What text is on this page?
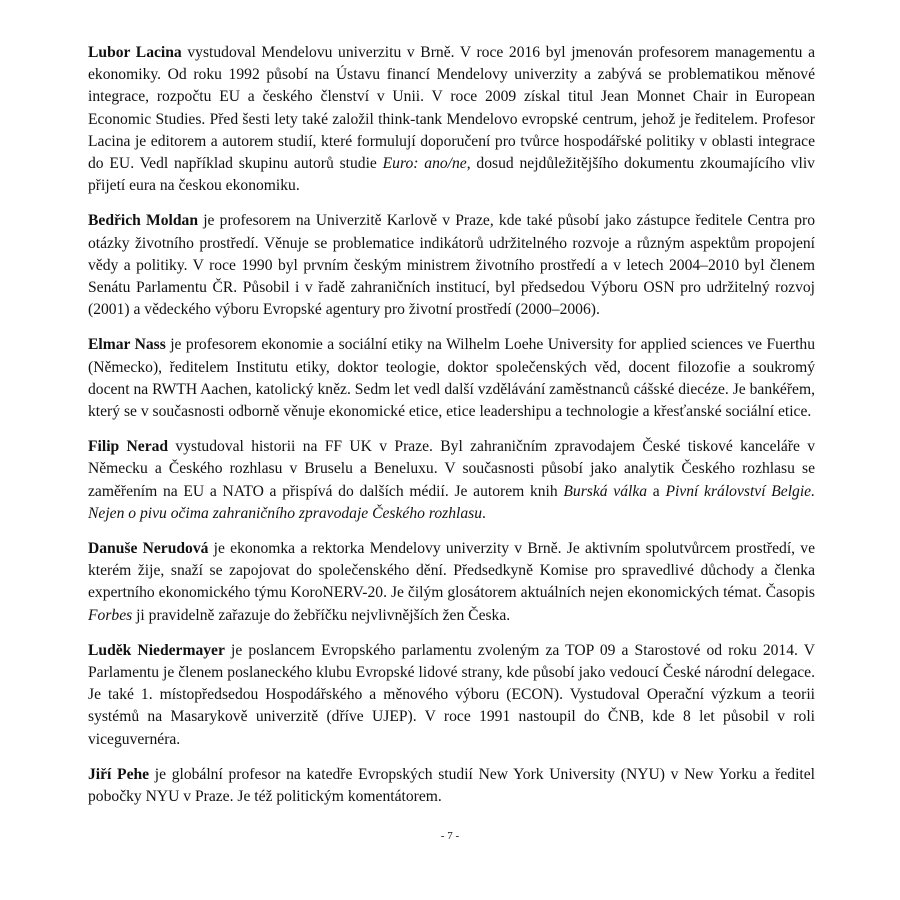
Lubor Lacina vystudoval Mendelovu univerzitu v Brně. V roce 2016 byl jmenován profesorem managementu a ekonomiky. Od roku 1992 působí na Ústavu financí Mendelovy univerzity a zabývá se problematikou měnové integrace, rozpočtu EU a českého členství v Unii. V roce 2009 získal titul Jean Monnet Chair in European Economic Studies. Před šesti lety také založil think-tank Mendelovo evropské centrum, jehož je ředitelem. Profesor Lacina je editorem a autorem studií, které formulují doporučení pro tvůrce hospodářské politiky v oblasti integrace do EU. Vedl například skupinu autorů studie Euro: ano/ne, dosud nejdůležitějšího dokumentu zkoumajícího vliv přijetí eura na českou ekonomiku.

Bedřich Moldan je profesorem na Univerzitě Karlově v Praze, kde také působí jako zástupce ředitele Centra pro otázky životního prostředí. Věnuje se problematice indikátorů udržitelného rozvoje a různým aspektům propojení vědy a politiky. V roce 1990 byl prvním českým ministrem životního prostředí a v letech 2004–2010 byl členem Senátu Parlamentu ČR. Působil i v řadě zahraničních institucí, byl předsedou Výboru OSN pro udržitelný rozvoj (2001) a vědeckého výboru Evropské agentury pro životní prostředí (2000–2006).

Elmar Nass je profesorem ekonomie a sociální etiky na Wilhelm Loehe University for applied sciences ve Fuerthu (Německo), ředitelem Institutu etiky, doktor teologie, doktor společenských věd, docent filozofie a soukromý docent na RWTH Aachen, katolický kněz. Sedm let vedl další vzdělávání zaměstnanců cášské diecéze. Je bankéřem, který se v současnosti odborně věnuje ekonomické etice, etice leadershipu a technologie a křesťanské sociální etice.

Filip Nerad vystudoval historii na FF UK v Praze. Byl zahraničním zpravodajem České tiskové kanceláře v Německu a Českého rozhlasu v Bruselu a Beneluxu. V současnosti působí jako analytik Českého rozhlasu se zaměřením na EU a NATO a přispívá do dalších médií. Je autorem knih Burská válka a Pivní království Belgie. Nejen o pivu očima zahraničního zpravodaje Českého rozhlasu.

Danuše Nerudová je ekonomka a rektorka Mendelovy univerzity v Brně. Je aktivním spolutvůrcem prostředí, ve kterém žije, snaží se zapojovat do společenského dění. Předsedkyně Komise pro spravedlivé důchody a členka expertního ekonomického týmu KoroNERV-20. Je čilým glosátorem aktuálních nejen ekonomických témat. Časopis Forbes ji pravidelně zařazuje do žebříčku nejvlivnějších žen Česka.

Luděk Niedermayer je poslancem Evropského parlamentu zvoleným za TOP 09 a Starostové od roku 2014. V Parlamentu je členem poslaneckého klubu Evropské lidové strany, kde působí jako vedoucí České národní delegace. Je také 1. místopředsedou Hospodářského a měnového výboru (ECON). Vystudoval Operační výzkum a teorii systémů na Masarykově univerzitě (dříve UJEP). V roce 1991 nastoupil do ČNB, kde 8 let působil v roli viceguvernéra.

Jiří Pehe je globální profesor na katedře Evropských studií New York University (NYU) v New Yorku a ředitel pobočky NYU v Praze. Je též politickým komentátorem.

- 7 -
